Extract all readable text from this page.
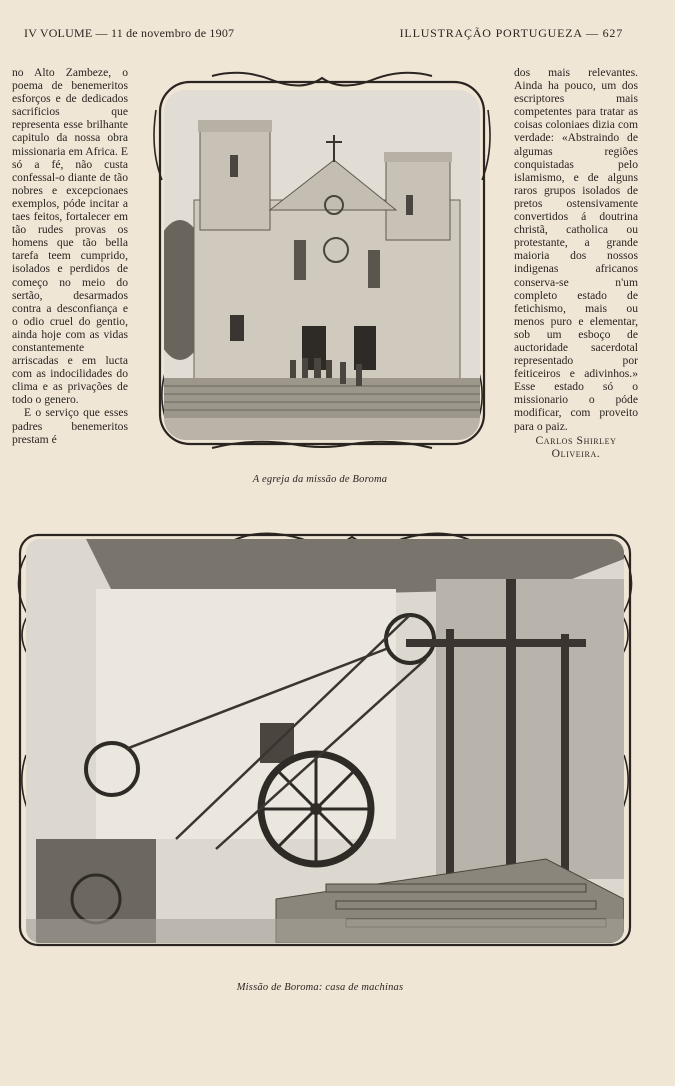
IV VOLUME — 11 de novembro de 1907	ILLUSTRAÇÃO PORTUGUEZA — 627

no Alto Zambeze, o poema de benemeritos esforços e de dedicados sacrificios que representa esse brilhante capitulo da nossa obra missionaria em Africa. E só a fé, não custa confessal-o diante de tão nobres e excepcionaes exemplos, póde incitar a taes feitos, fortalecer em tão rudes provas os homens que tão bella tarefa teem cumprido, isolados e perdidos de começo no meio do sertão, desarmados contra a desconfiança e o odio cruel do gentio, ainda hoje com as vidas constantemente arriscadas e em lucta com as indocilidades do clima e as privações de todo o genero.

E o serviço que esses padres benemeritos prestam é

dos mais relevantes. Ainda ha pouco, um dos escriptores mais competentes para tratar as coisas coloniaes dizia com verdade: «Abstraindo de algumas regiões conquistadas pelo islamismo, e de alguns raros grupos isolados de pretos ostensivamente convertidos á doutrina christã, catholica ou protestante, a grande maioria dos nossos indigenas africanos conserva-se n'um completo estado de fetichismo, mais ou menos puro e elementar, sob um esboço de auctoridade sacerdotal representado por feiticeiros e adivinhos.» Esse estado só o missionario o póde modificar, com proveito para o paiz.

Carlos Shirley
Oliveira.
A egreja da missão de Boroma
Missão de Boroma: casa de machinas
